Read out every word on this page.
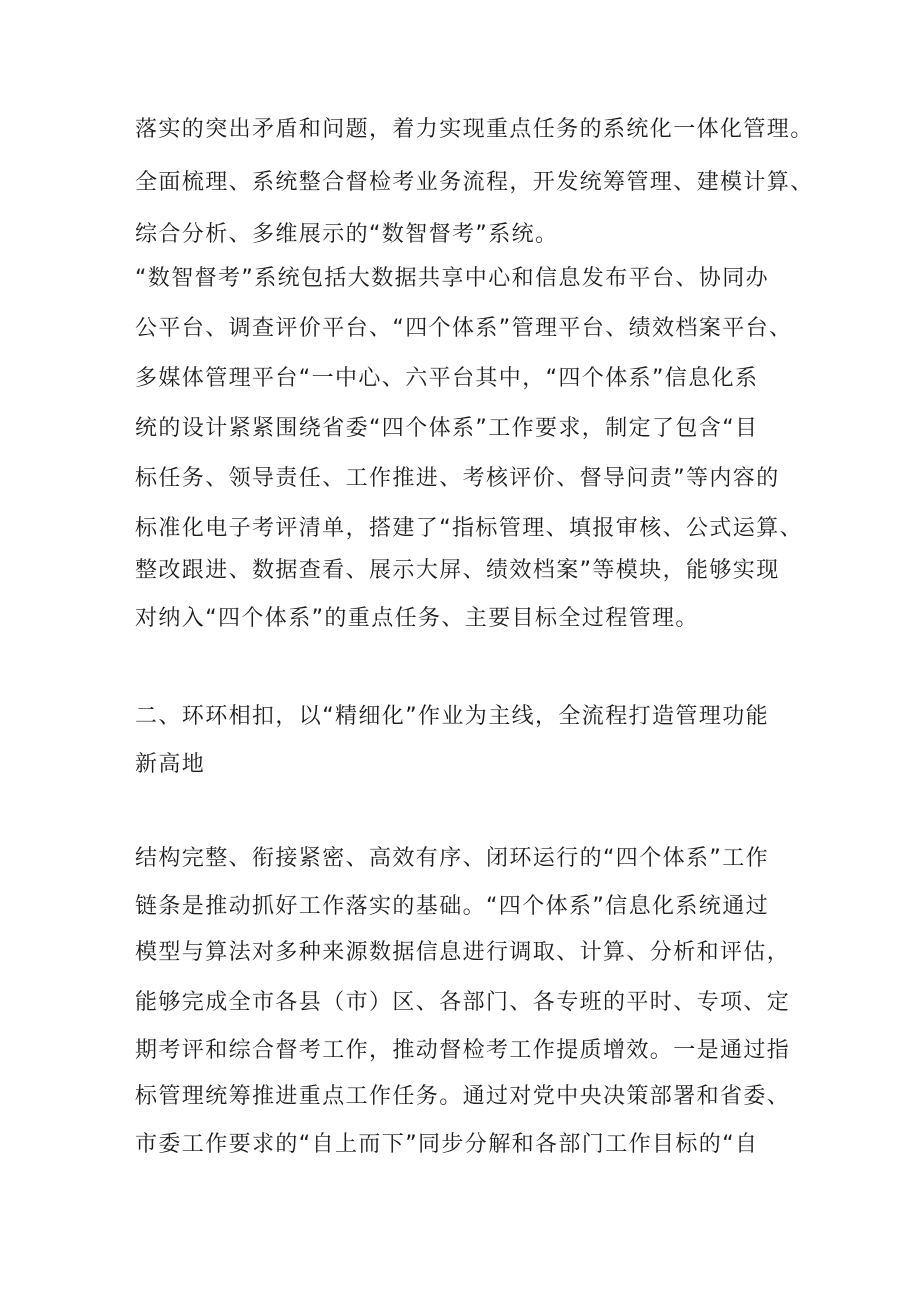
落实的突出矛盾和问题，着力实现重点任务的系统化一体化管理。
全面梳理、系统整合督检考业务流程，开发统筹管理、建模计算、
综合分析、多维展示的“数智督考”系统。
“数智督考”系统包括大数据共享中心和信息发布平台、协同办
公平台、调查评价平台、“四个体系”管理平台、绩效档案平台、
多媒体管理平台“一中心、六平台其中，“四个体系”信息化系
统的设计紧紧围绕省委“四个体系”工作要求，制定了包含“目
标任务、领导责任、工作推进、考核评价、督导问责”等内容的
标准化电子考评清单，搭建了“指标管理、填报审核、公式运算、
整改跟进、数据查看、展示大屏、绩效档案”等模块，能够实现
对纳入“四个体系”的重点任务、主要目标全过程管理。
二、环环相扣，以“精细化”作业为主线，全流程打造管理功能
新高地
结构完整、衔接紧密、高效有序、闭环运行的“四个体系”工作
链条是推动抓好工作落实的基础。“四个体系”信息化系统通过
模型与算法对多种来源数据信息进行调取、计算、分析和评估，
能够完成全市各县（市）区、各部门、各专班的平时、专项、定
期考评和综合督考工作，推动督检考工作提质增效。一是通过指
标管理统筹推进重点工作任务。通过对党中央决策部署和省委、
市委工作要求的“自上而下”同步分解和各部门工作目标的“自
